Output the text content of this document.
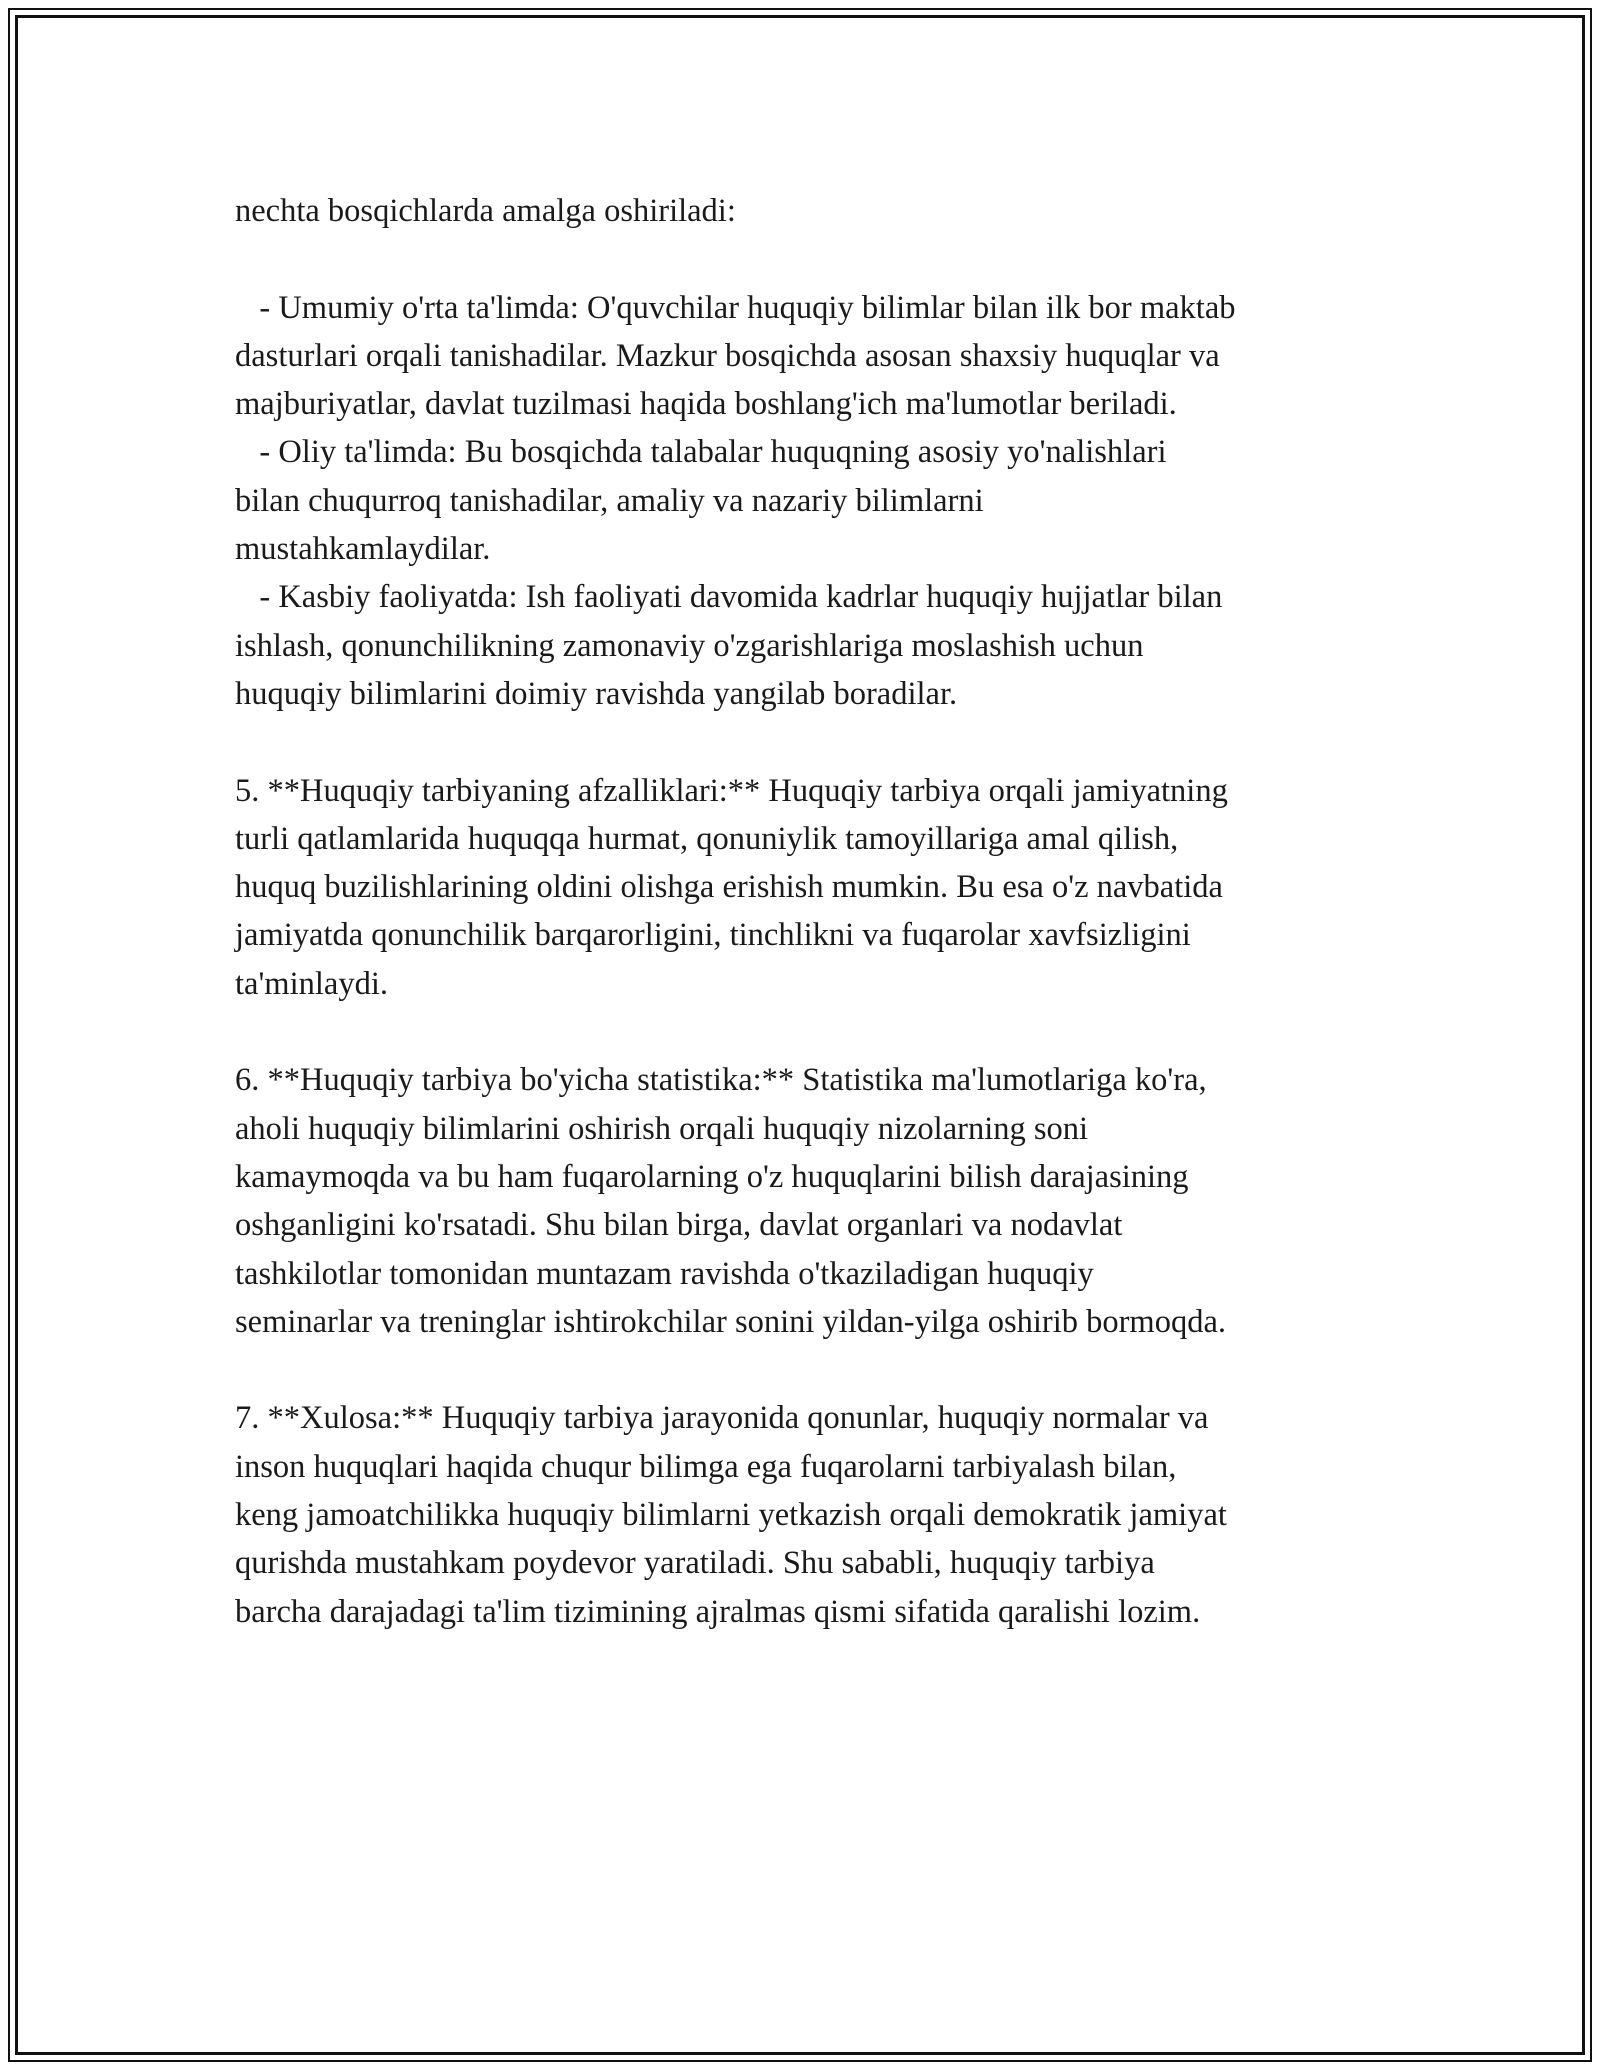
nechta bosqichlarda amalga oshiriladi:
- Umumiy o'rta ta'limda: O'quvchilar huquqiy bilimlar bilan ilk bor maktab
dasturlari orqali tanishadilar. Mazkur bosqichda asosan shaxsiy huquqlar va
majburiyatlar, davlat tuzilmasi haqida boshlang'ich ma'lumotlar beriladi.
- Oliy ta'limda: Bu bosqichda talabalar huquqning asosiy yo'nalishlari
bilan chuqurroq tanishadilar, amaliy va nazariy bilimlarni
mustahkamlaydilar.
- Kasbiy faoliyatda: Ish faoliyati davomida kadrlar huquqiy hujjatlar bilan
ishlash, qonunchilikning zamonaviy o'zgarishlariga moslashish uchun
huquqiy bilimlarini doimiy ravishda yangilab boradilar.
5. **Huquqiy tarbiyaning afzalliklari:** Huquqiy tarbiya orqali jamiyatning
turli qatlamlarida huquqqa hurmat, qonuniylik tamoyillariga amal qilish,
huquq buzilishlarining oldini olishga erishish mumkin. Bu esa o'z navbatida
jamiyatda qonunchilik barqarorligini, tinchlikni va fuqarolar xavfsizligini
ta'minlaydi.
6. **Huquqiy tarbiya bo'yicha statistika:** Statistika ma'lumotlariga ko'ra,
aholi huquqiy bilimlarini oshirish orqali huquqiy nizolarning soni
kamaymoqda va bu ham fuqarolarning o'z huquqlarini bilish darajasining
oshganligini ko'rsatadi. Shu bilan birga, davlat organlari va nodavlat
tashkilotlar tomonidan muntazam ravishda o'tkaziladigan huquqiy
seminarlar va treninglar ishtirokchilar sonini yildan-yilga oshirib bormoqda.
7. **Xulosa:** Huquqiy tarbiya jarayonida qonunlar, huquqiy normalar va
inson huquqlari haqida chuqur bilimga ega fuqarolarni tarbiyalash bilan,
keng jamoatchilikka huquqiy bilimlarni yetkazish orqali demokratik jamiyat
qurishda mustahkam poydevor yaratiladi. Shu sababli, huquqiy tarbiya
barcha darajadagi ta'lim tizimining ajralmas qismi sifatida qaralishi lozim.
